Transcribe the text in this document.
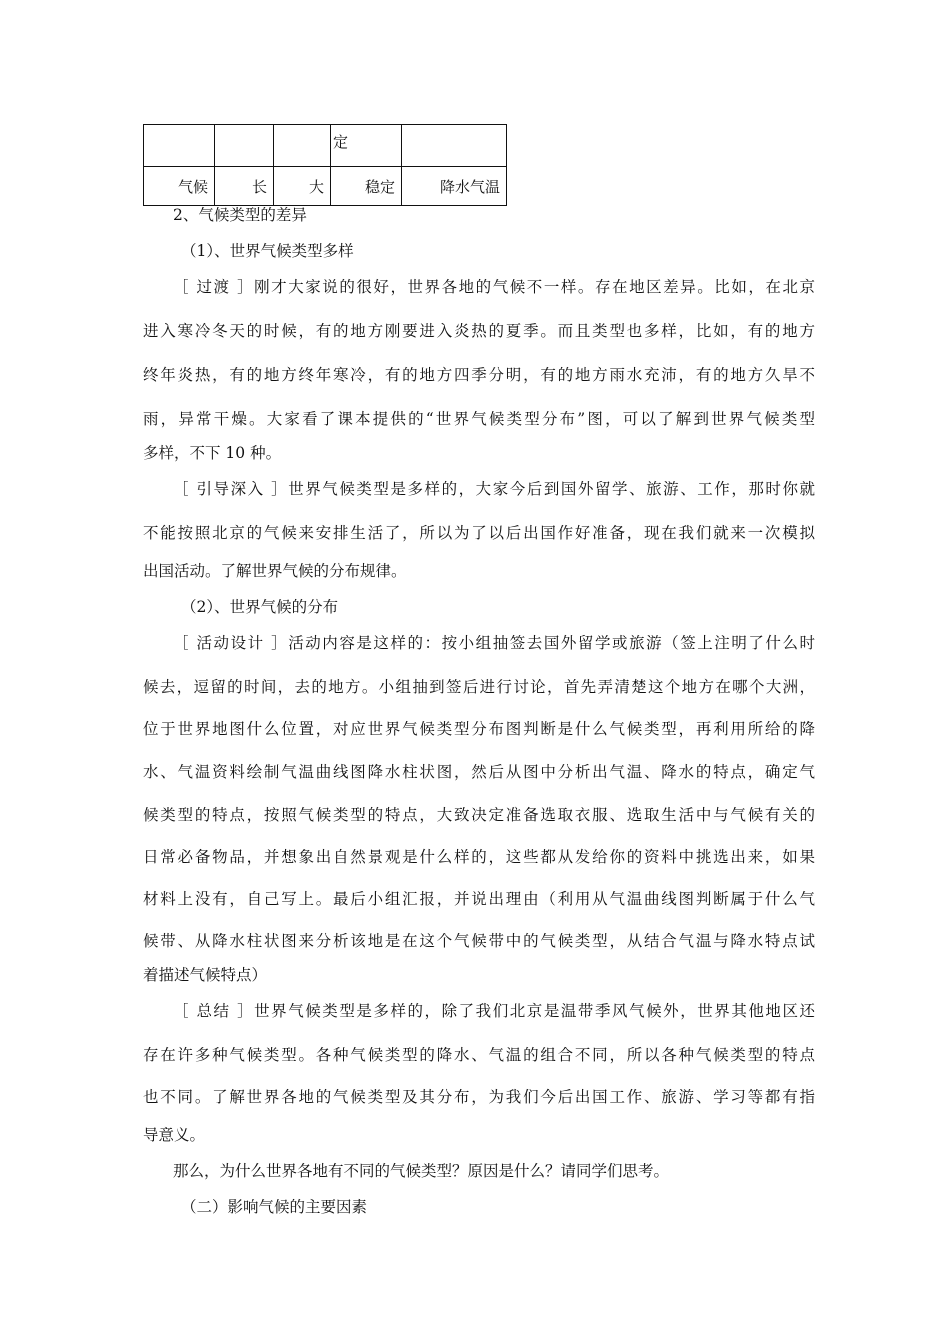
			定	
气候	长	大	稳定	降水气温
2、气候类型的差异
（1）、世界气候类型多样
［ 过渡 ］刚才大家说的很好，世界各地的气候不一样。存在地区差异。比如，在北京
进入寒冷冬天的时候，有的地方刚要进入炎热的夏季。而且类型也多样，比如，有的地方
终年炎热，有的地方终年寒冷，有的地方四季分明，有的地方雨水充沛，有的地方久旱不
雨，异常干燥。大家看了课本提供的“世界气候类型分布”图，可以了解到世界气候类型
多样，不下 10 种。
［ 引导深入 ］世界气候类型是多样的，大家今后到国外留学、旅游、工作，那时你就
不能按照北京的气候来安排生活了，所以为了以后出国作好准备，现在我们就来一次模拟
出国活动。了解世界气候的分布规律。
（2）、世界气候的分布
［ 活动设计 ］活动内容是这样的：按小组抽签去国外留学或旅游（签上注明了什么时
候去，逗留的时间，去的地方。小组抽到签后进行讨论，首先弄清楚这个地方在哪个大洲，
位于世界地图什么位置，对应世界气候类型分布图判断是什么气候类型，再利用所给的降
水、气温资料绘制气温曲线图降水柱状图，然后从图中分析出气温、降水的特点，确定气
候类型的特点，按照气候类型的特点，大致决定准备选取衣服、选取生活中与气候有关的
日常必备物品，并想象出自然景观是什么样的，这些都从发给你的资料中挑选出来，如果
材料上没有，自己写上。最后小组汇报，并说出理由（利用从气温曲线图判断属于什么气
候带、从降水柱状图来分析该地是在这个气候带中的气候类型，从结合气温与降水特点试
着描述气候特点）
［ 总结 ］世界气候类型是多样的，除了我们北京是温带季风气候外，世界其他地区还
存在许多种气候类型。各种气候类型的降水、气温的组合不同，所以各种气候类型的特点
也不同。了解世界各地的气候类型及其分布，为我们今后出国工作、旅游、学习等都有指
导意义。
那么，为什么世界各地有不同的气候类型？原因是什么？请同学们思考。
（二）影响气候的主要因素
